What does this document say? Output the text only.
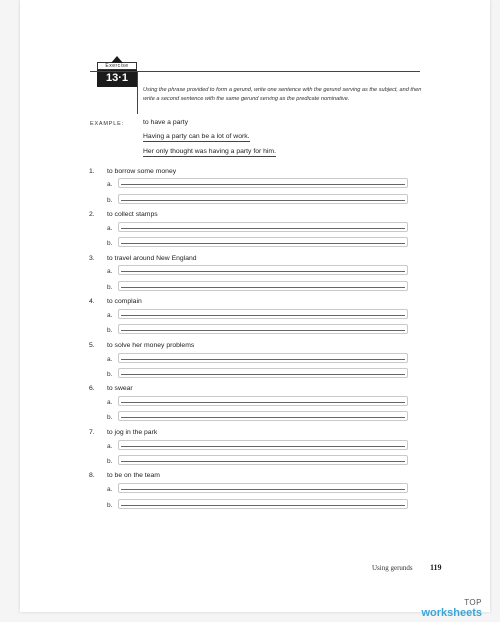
Exercise
13·1
Using the phrase provided to form a gerund, write one sentence with the gerund serving as the subject, and then write a second sentence with the same gerund serving as the predicate nominative.
EXAMPLE:	to have a party
Having a party can be a lot of work.
Her only thought was having a party for him.
1. to borrow some money
a.
b.
2. to collect stamps
a.
b.
3. to travel around New England
a.
b.
4. to complain
a.
b.
5. to solve her money problems
a.
b.
6. to swear
a.
b.
7. to jog in the park
a.
b.
8. to be on the team
a.
b.
Using gerunds 119
TOP
worksheets
